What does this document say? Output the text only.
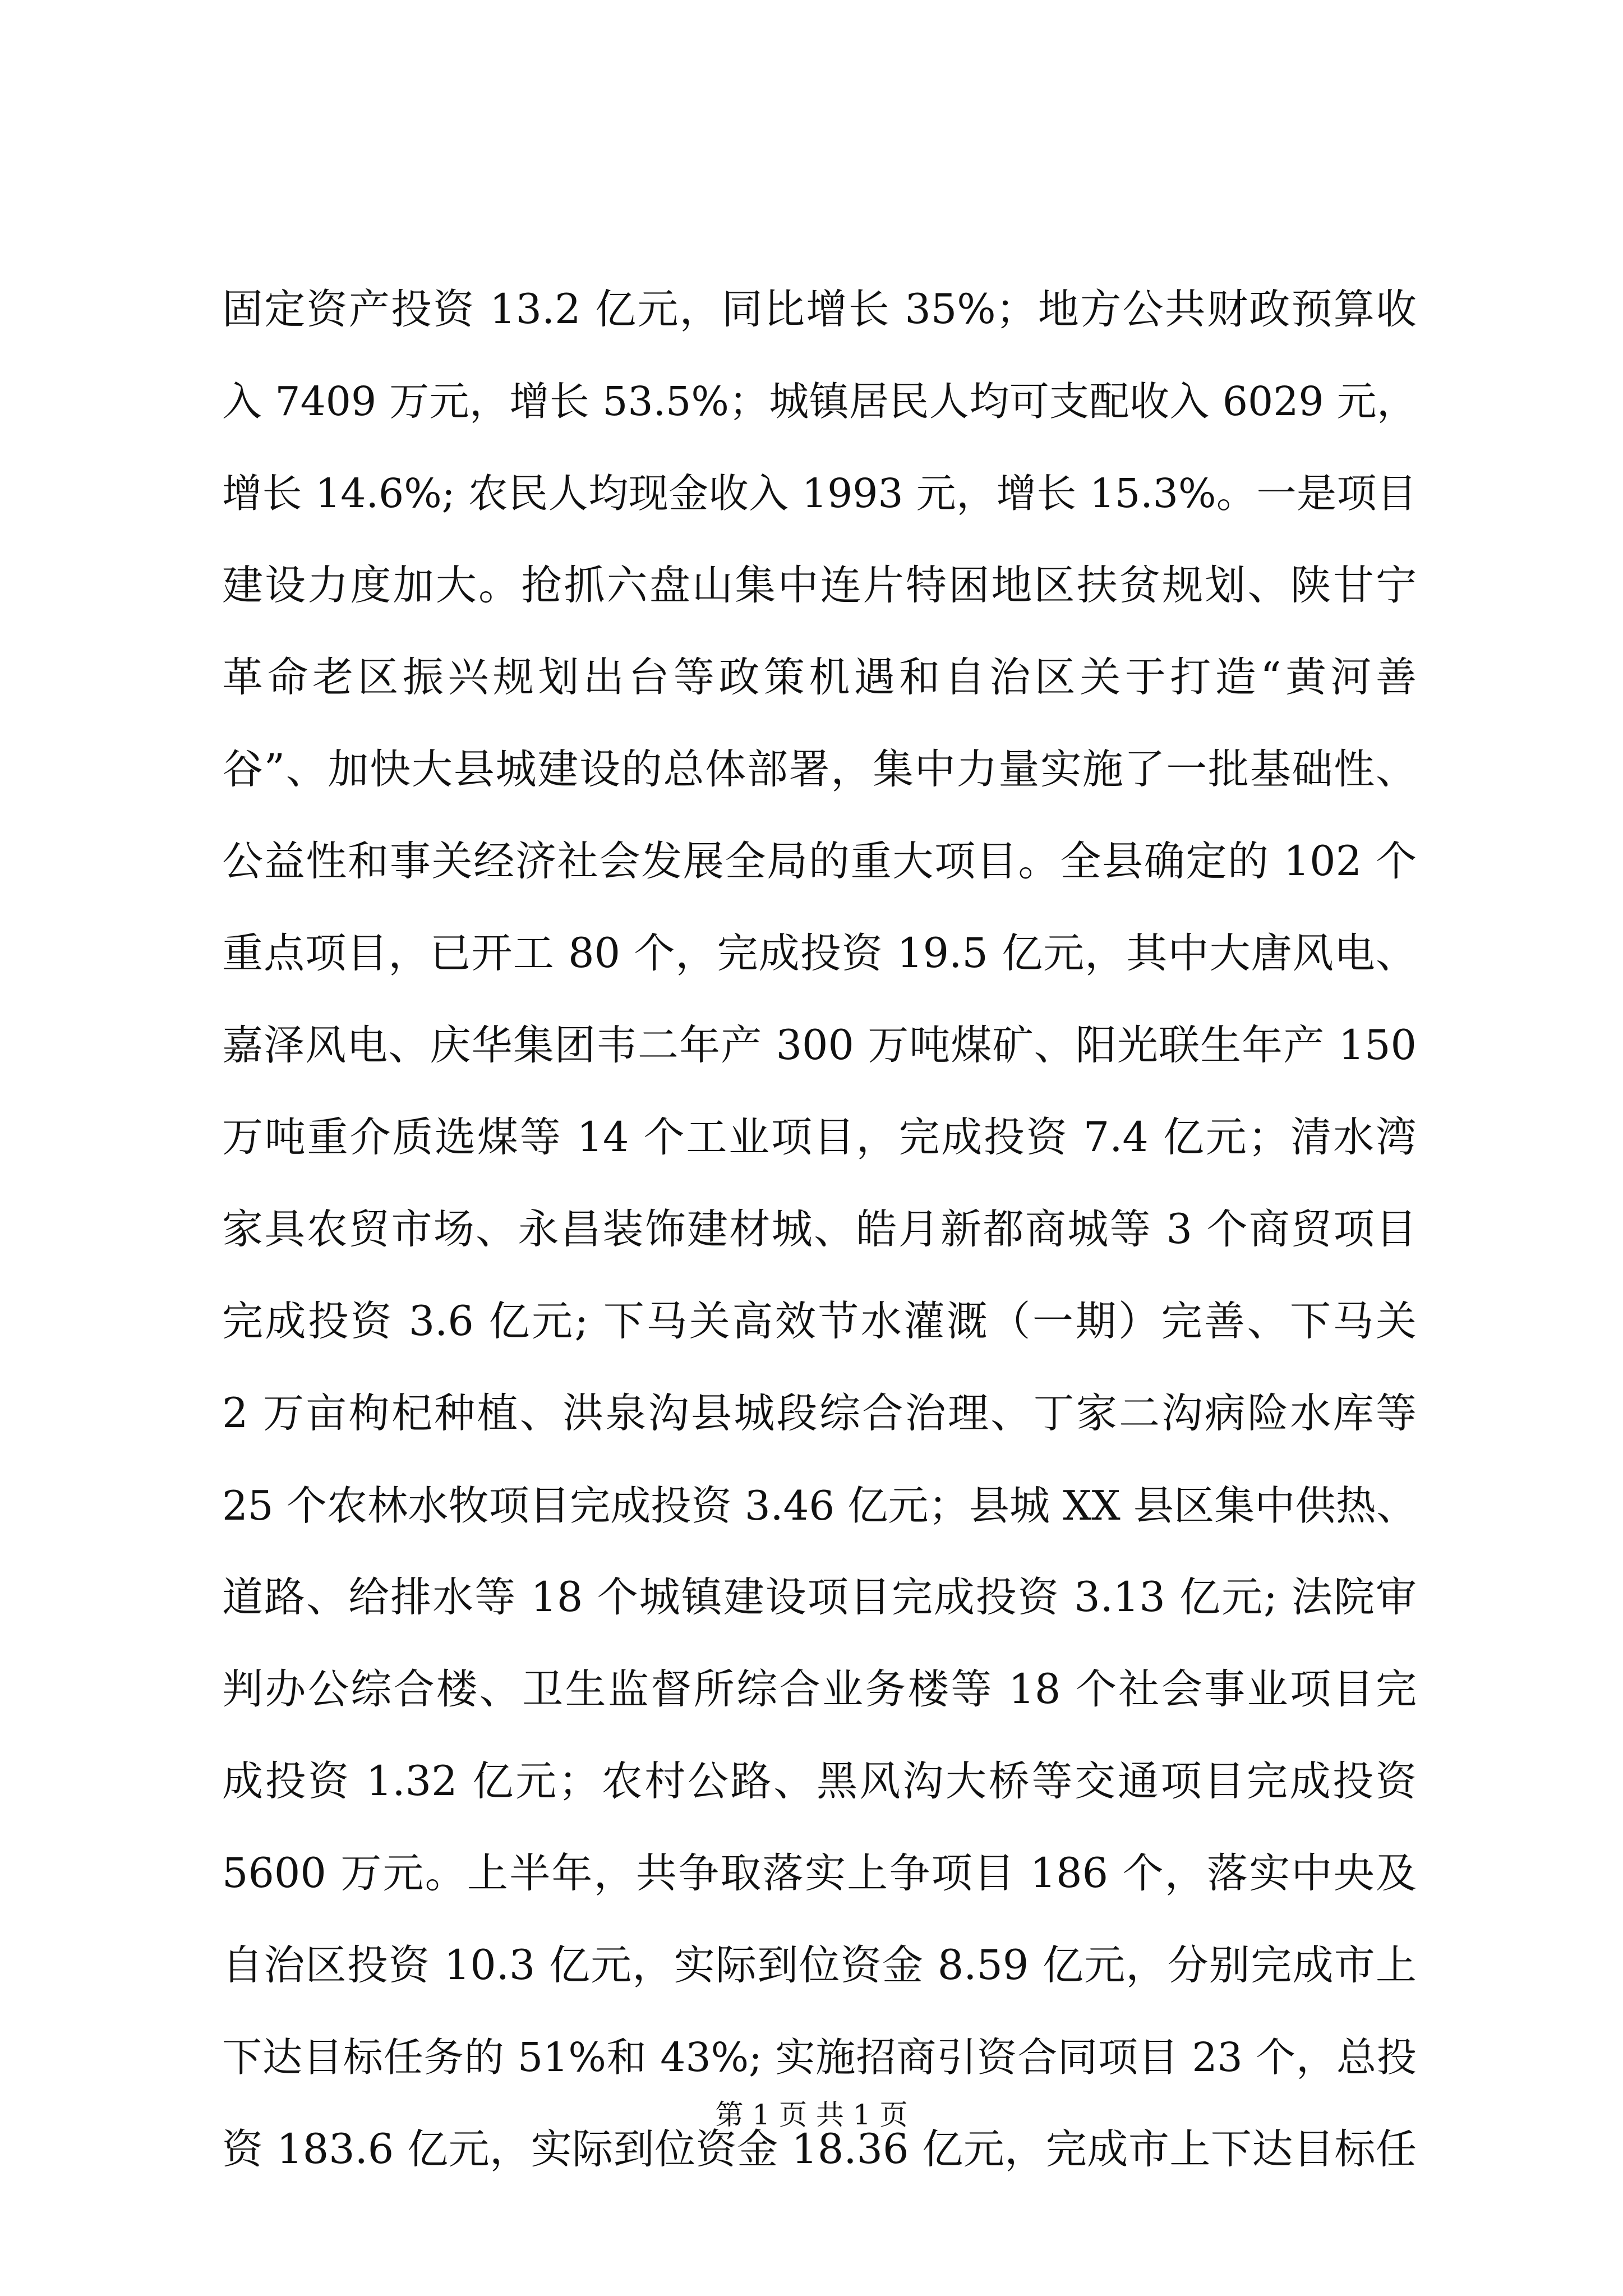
固定资产投资 13.2 亿元，同比增长 35%；地方公共财政预算收
入 7409 万元，增长 53.5%；城镇居民人均可支配收入 6029 元，
增长 14.6%; 农民人均现金收入 1993 元，增长 15.3%。一是项目
建设力度加大。抢抓六盘山集中连片特困地区扶贫规划、陕甘宁
革命老区振兴规划出台等政策机遇和自治区关于打造“黄河善
谷”、加快大县城建设的总体部署，集中力量实施了一批基础性、
公益性和事关经济社会发展全局的重大项目。全县确定的 102 个
重点项目，已开工 80 个，完成投资 19.5 亿元，其中大唐风电、
嘉泽风电、庆华集团韦二年产 300 万吨煤矿、阳光联生年产 150
万吨重介质选煤等 14 个工业项目，完成投资 7.4 亿元；清水湾
家具农贸市场、永昌装饰建材城、皓月新都商城等 3 个商贸项目
完成投资 3.6 亿元; 下马关高效节水灌溉（一期）完善、下马关
2 万亩枸杞种植、洪泉沟县城段综合治理、丁家二沟病险水库等
25 个农林水牧项目完成投资 3.46 亿元；县城 XX 县区集中供热、
道路、给排水等 18 个城镇建设项目完成投资 3.13 亿元; 法院审
判办公综合楼、卫生监督所综合业务楼等 18 个社会事业项目完
成投资 1.32 亿元；农村公路、黑风沟大桥等交通项目完成投资
5600 万元。上半年，共争取落实上争项目 186 个，落实中央及
自治区投资 10.3 亿元，实际到位资金 8.59 亿元，分别完成市上
下达目标任务的 51%和 43%; 实施招商引资合同项目 23 个，总投
资 183.6 亿元，实际到位资金 18.36 亿元，完成市上下达目标任
第 1 页 共 1 页
